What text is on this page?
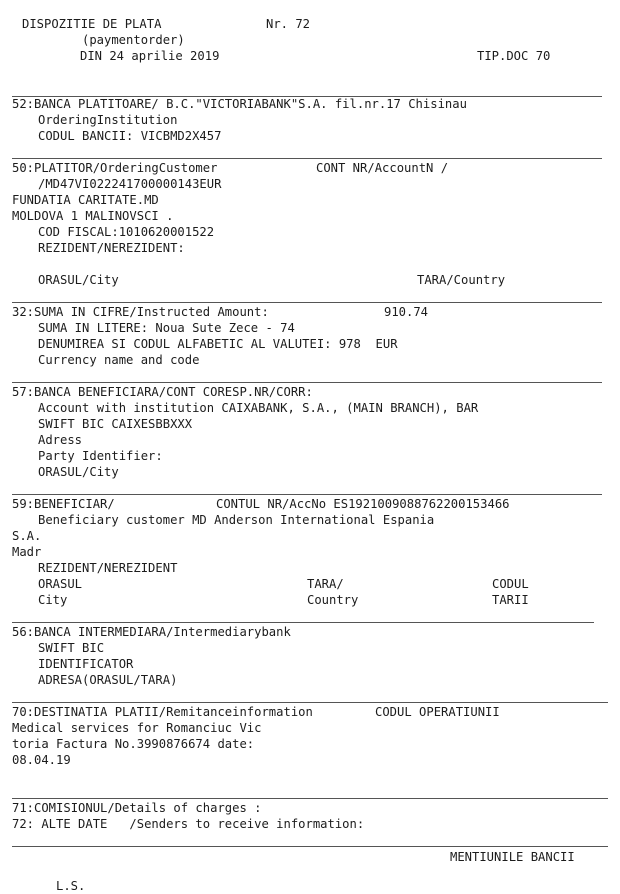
DISPOZITIE DE PLATA	Nr. 72
(paymentorder)
DIN 24 aprilie 2019	TIP.DOC 70
52:BANCA PLATITOARE/ B.C."VICTORIABANK"S.A. fil.nr.17 Chisinau
OrderingInstitution
CODUL BANCII: VICBMD2X457
50:PLATITOR/OrderingCustomer	CONT NR/AccountN /
/MD47VI022241700000143EUR
FUNDATIA CARITATE.MD
MOLDOVA 1 MALINOVSCI .
COD FISCAL:1010620001522
REZIDENT/NEREZIDENT:
ORASUL/City	TARA/Country
32:SUMA IN CIFRE/Instructed Amount:	910.74
SUMA IN LITERE: Noua Sute Zece - 74
DENUMIREA SI CODUL ALFABETIC AL VALUTEI: 978  EUR
Currency name and code
57:BANCA BENEFICIARA/CONT CORESP.NR/CORR:
Account with institution CAIXABANK, S.A., (MAIN BRANCH), BAR
SWIFT BIC CAIXESBBXXX
Adress
Party Identifier:
ORASUL/City
59:BENEFICIAR/	CONTUL NR/AccNo ES1921009088762200153466
Beneficiary customer MD Anderson International Espania
S.A.
Madr
REZIDENT/NEREZIDENT
ORASUL	TARA/	CODUL
City	Country	TARII
56:BANCA INTERMEDIARA/Intermediarybank
SWIFT BIC
IDENTIFICATOR
ADRESA(ORASUL/TARA)
70:DESTINATIA PLATII/Remitanceinformation	CODUL OPERATIUNII
Medical services for Romanciuc Vic
toria Factura No.3990876674 date:
08.04.19
71:COMISIONUL/Details of charges :
72: ALTE DATE   /Senders to receive information:
MENTIUNILE BANCII
L.S.
